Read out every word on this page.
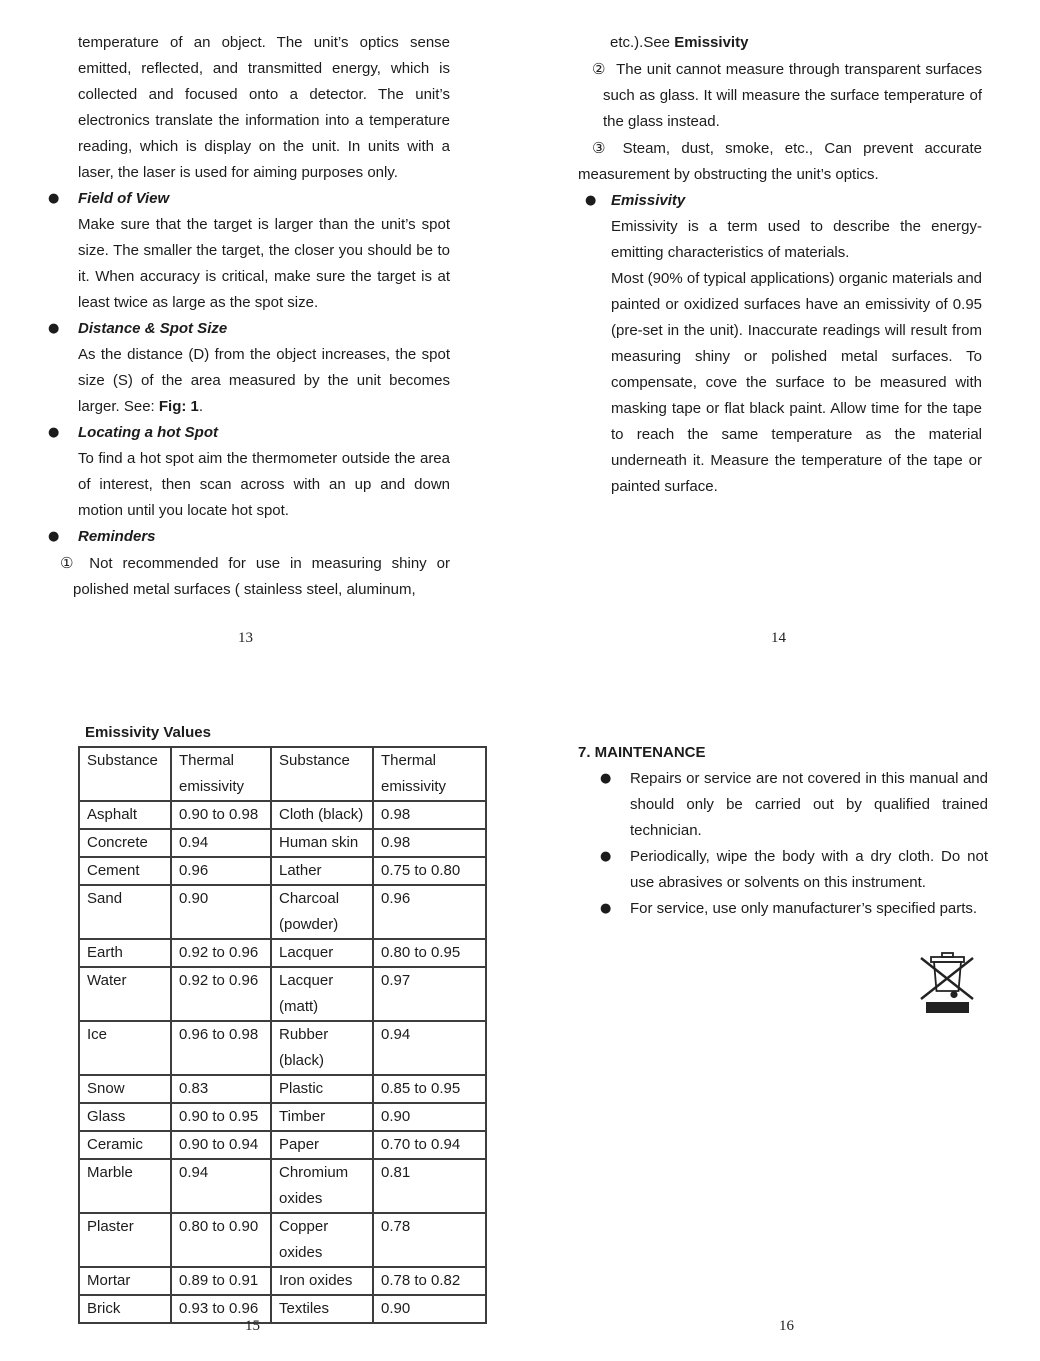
temperature of an object. The unit’s optics sense emitted, reflected, and transmitted energy, which is collected and focused onto a detector. The unit’s electronics translate the information into a temperature reading, which is display on the unit. In units with a laser, the laser is used for aiming purposes only.

● Field of View

Make sure that the target is larger than the unit’s spot size. The smaller the target, the closer you should be to it. When accuracy is critical, make sure the target is at least twice as large as the spot size.

● Distance & Spot Size

As the distance (D) from the object increases, the spot size (S) of the area measured by the unit becomes larger. See: Fig: 1.

● Locating a hot Spot

To find a hot spot aim the thermometer outside the area of interest, then scan across with an up and down motion until you locate hot spot.

● Reminders

① Not recommended for use in measuring shiny or polished metal surfaces ( stainless steel, aluminum,

13

etc.).See Emissivity

② The unit cannot measure through transparent surfaces such as glass. It will measure the surface temperature of the glass instead.

③ Steam, dust, smoke, etc., Can prevent accurate measurement by obstructing the unit’s optics.

● Emissivity

Emissivity is a term used to describe the energy-emitting characteristics of materials.

Most (90% of typical applications) organic materials and painted or oxidized surfaces have an emissivity of 0.95 (pre-set in the unit). Inaccurate readings will result from measuring shiny or polished metal surfaces. To compensate, cove the surface to be measured with masking tape or flat black paint. Allow time for the tape to reach the same temperature as the material underneath it. Measure the temperature of the tape or painted surface.

14
Emissivity Values
Substance	Thermal emissivity	Substance	Thermal emissivity
Asphalt	0.90 to 0.98	Cloth (black)	0.98
Concrete	0.94	Human skin	0.98
Cement	0.96	Lather	0.75 to 0.80
Sand	0.90	Charcoal (powder)	0.96
Earth	0.92 to 0.96	Lacquer	0.80 to 0.95
Water	0.92 to 0.96	Lacquer (matt)	0.97
Ice	0.96 to 0.98	Rubber (black)	0.94
Snow	0.83	Plastic	0.85 to 0.95
Glass	0.90 to 0.95	Timber	0.90
Ceramic	0.90 to 0.94	Paper	0.70 to 0.94
Marble	0.94	Chromium oxides	0.81
Plaster	0.80 to 0.90	Copper oxides	0.78
Mortar	0.89 to 0.91	Iron oxides	0.78 to 0.82
Brick	0.93 to 0.96	Textiles	0.90
15
7. MAINTENANCE

● Repairs or service are not covered in this manual and should only be carried out by qualified trained technician.

● Periodically, wipe the body with a dry cloth. Do not use abrasives or solvents on this instrument.

● For service, use only manufacturer’s specified parts.

16
